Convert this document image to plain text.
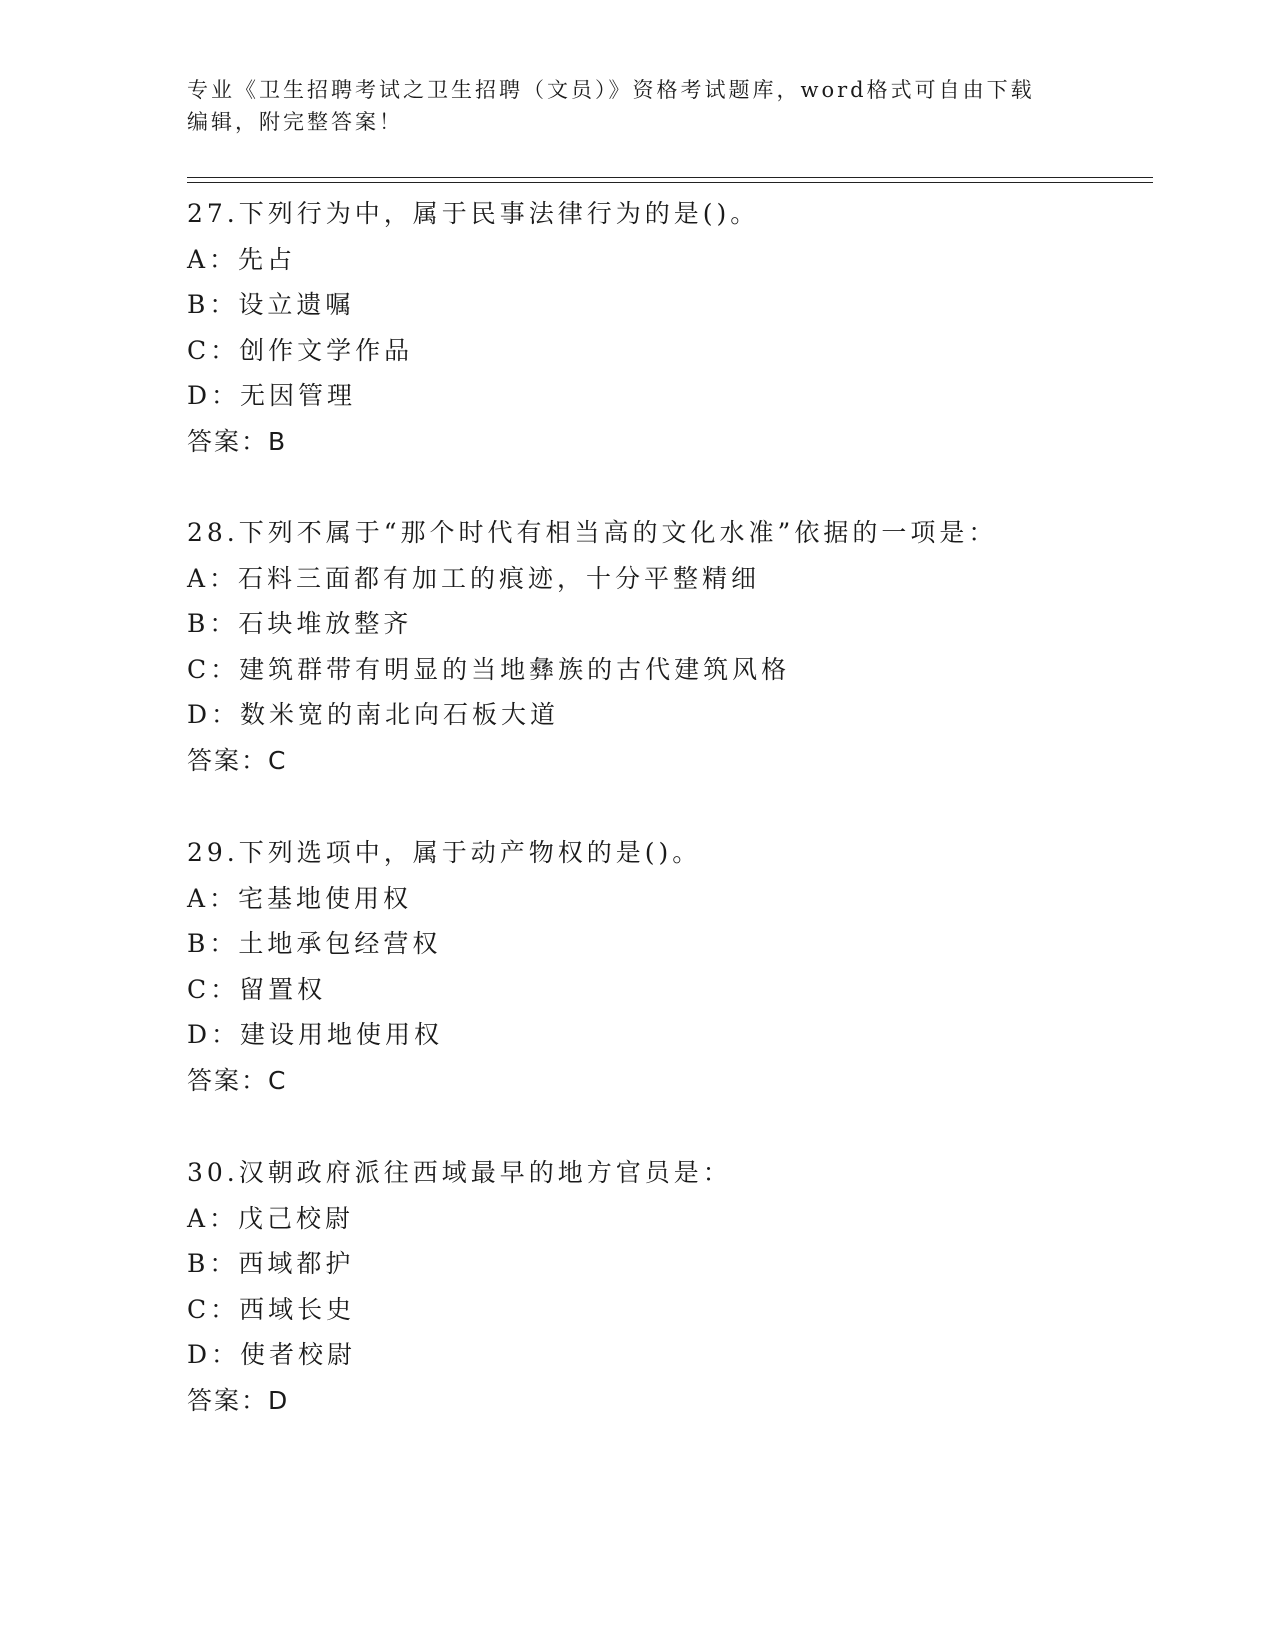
专业《卫生招聘考试之卫生招聘（文员）》资格考试题库，word格式可自由下载
编辑，附完整答案！
27.下列行为中，属于民事法律行为的是()。
A：先占
B：设立遗嘱
C：创作文学作品
D：无因管理
答案：B
28.下列不属于“那个时代有相当高的文化水准”依据的一项是：
A：石料三面都有加工的痕迹，十分平整精细
B：石块堆放整齐
C：建筑群带有明显的当地彝族的古代建筑风格
D：数米宽的南北向石板大道
答案：C
29.下列选项中，属于动产物权的是()。
A：宅基地使用权
B：土地承包经营权
C：留置权
D：建设用地使用权
答案：C
30.汉朝政府派往西域最早的地方官员是：
A：戊己校尉
B：西域都护
C：西域长史
D：使者校尉
答案：D
